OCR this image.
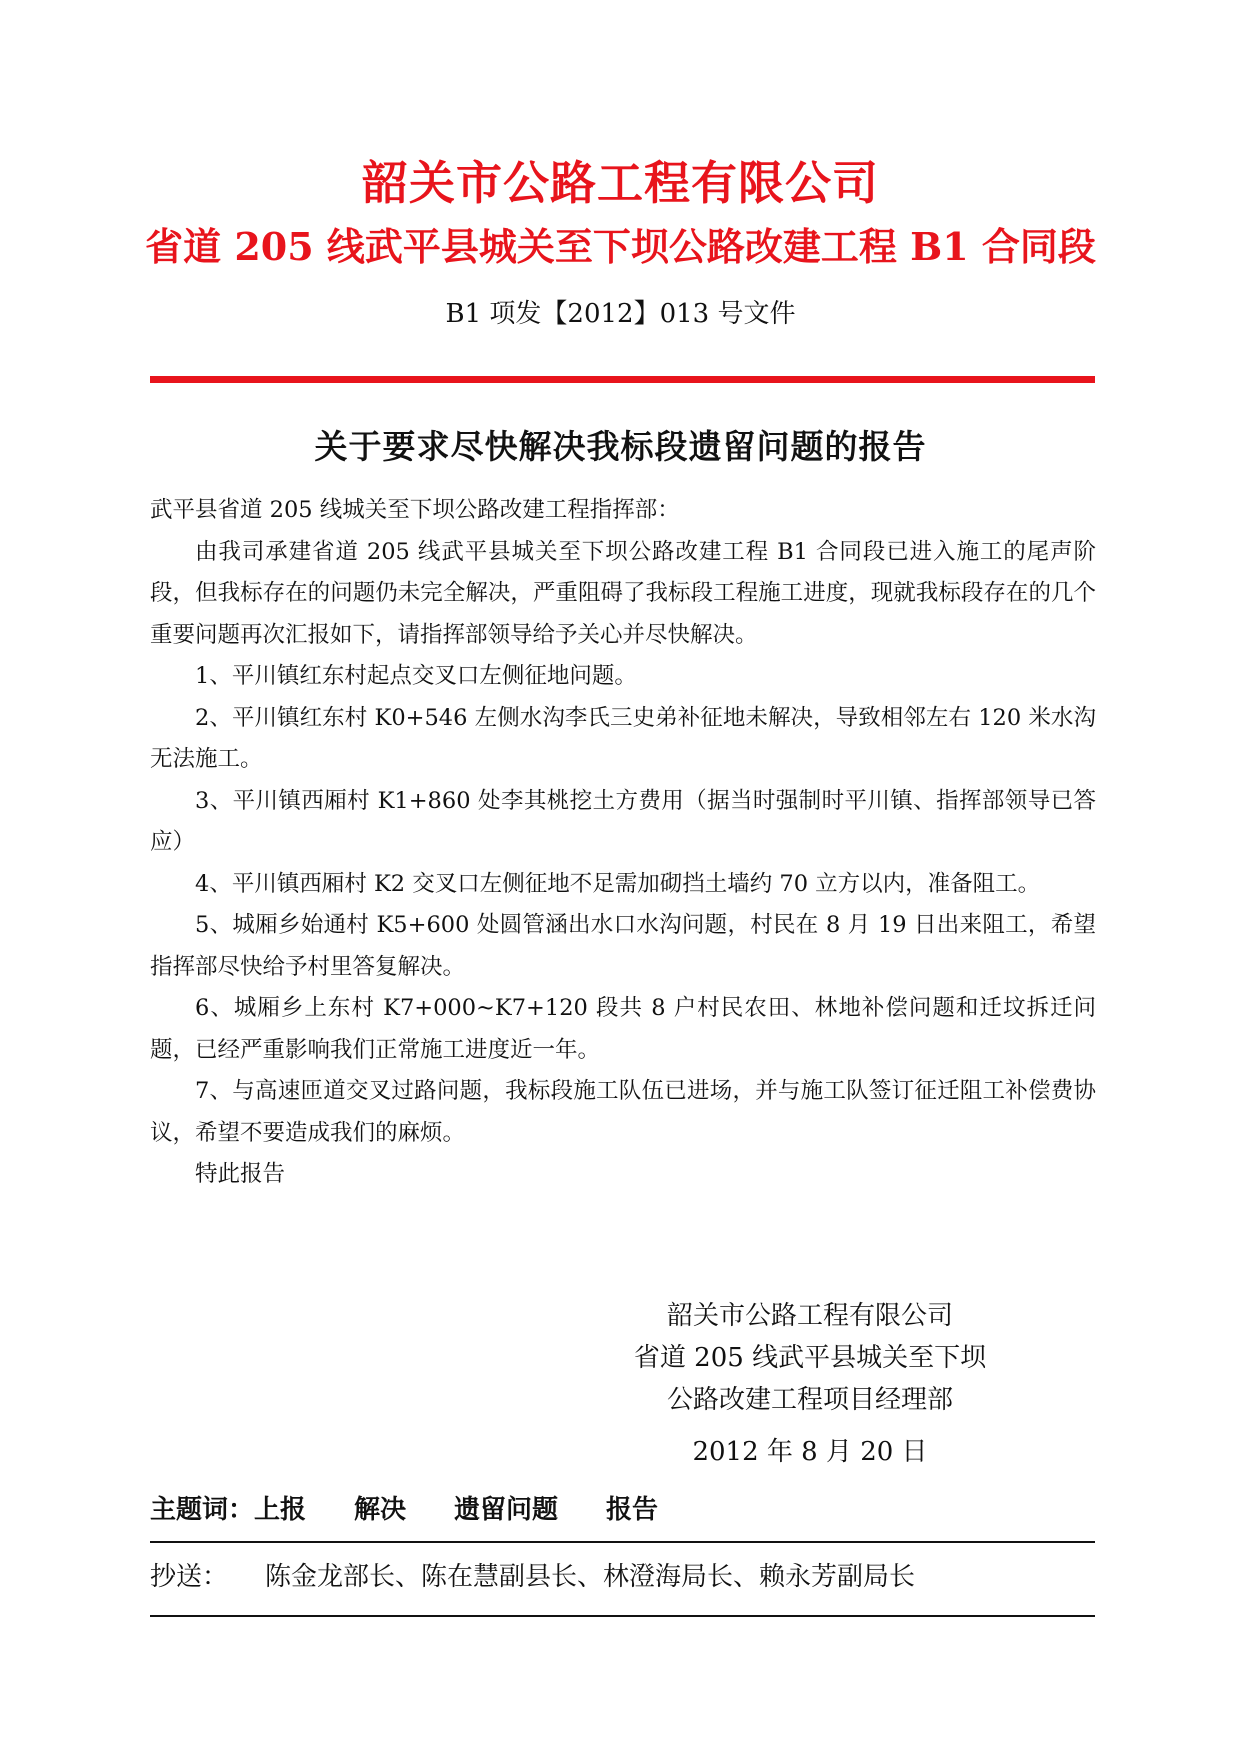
韶关市公路工程有限公司
省道 205 线武平县城关至下坝公路改建工程 B1 合同段
B1 项发【2012】013 号文件
关于要求尽快解决我标段遗留问题的报告

武平县省道 205 线城关至下坝公路改建工程指挥部：

由我司承建省道 205 线武平县城关至下坝公路改建工程 B1 合同段已进入施工的尾声阶段，但我标存在的问题仍未完全解决，严重阻碍了我标段工程施工进度，现就我标段存在的几个重要问题再次汇报如下，请指挥部领导给予关心并尽快解决。

1、平川镇红东村起点交叉口左侧征地问题。

2、平川镇红东村 K0+546 左侧水沟李氏三史弟补征地未解决，导致相邻左右 120 米水沟无法施工。

3、平川镇西厢村 K1+860 处李其桃挖土方费用（据当时强制时平川镇、指挥部领导已答应）

4、平川镇西厢村 K2 交叉口左侧征地不足需加砌挡土墙约 70 立方以内，准备阻工。

5、城厢乡始通村 K5+600 处圆管涵出水口水沟问题，村民在 8 月 19 日出来阻工，希望指挥部尽快给予村里答复解决。

6、城厢乡上东村 K7+000~K7+120 段共 8 户村民农田、林地补偿问题和迁坟拆迁问题，已经严重影响我们正常施工进度近一年。

7、与高速匝道交叉过路问题，我标段施工队伍已进场，并与施工队签订征迁阻工补偿费协议，希望不要造成我们的麻烦。

特此报告

韶关市公路工程有限公司
省道 205 线武平县城关至下坝
公路改建工程项目经理部
2012 年 8 月 20 日
主题词：上报 解决 遗留问题 报告
抄送： 陈金龙部长、陈在慧副县长、林澄海局长、赖永芳副局长
